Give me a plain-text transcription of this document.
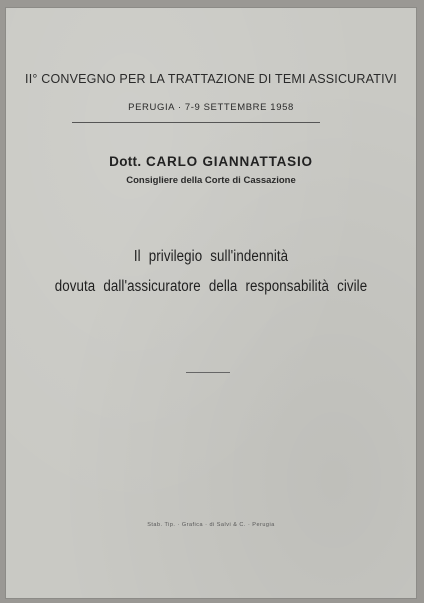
II° CONVEGNO PER LA TRATTAZIONE DI TEMI ASSICURATIVI
PERUGIA · 7-9 SETTEMBRE 1958
Dott. CARLO GIANNATTASIO
Consigliere della Corte di Cassazione
Il privilegio sull'indennità
dovuta dall'assicuratore della responsabilità civile
Stab. Tip. · Grafica · di Salvi & C. · Perugia
